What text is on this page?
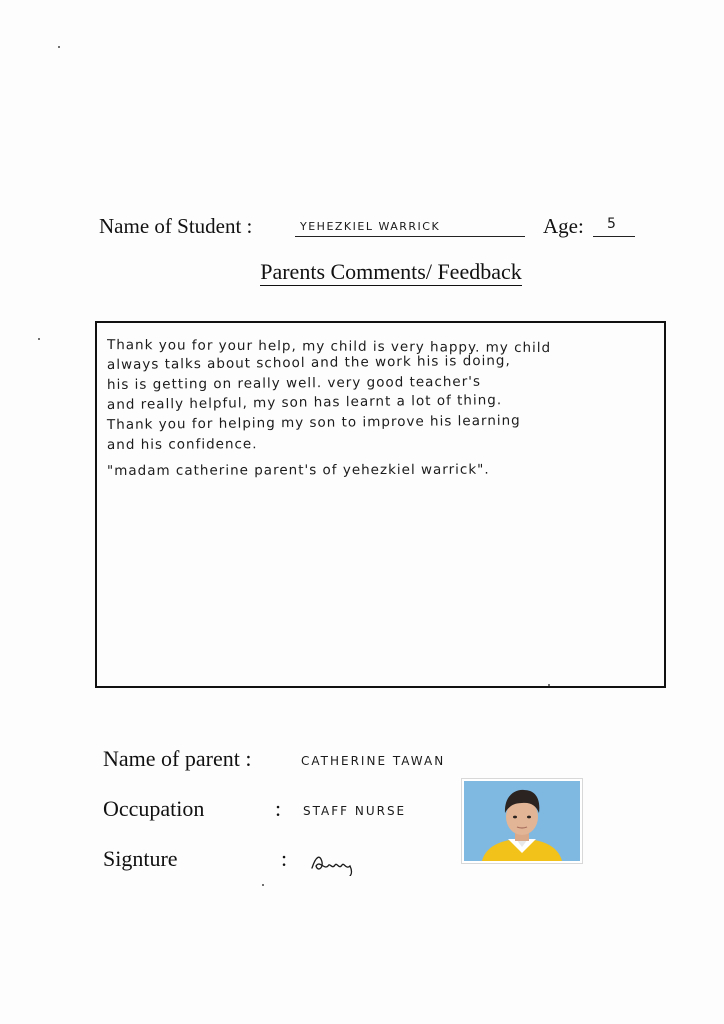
Name of Student :	YEHEZKIEL WARRICK	Age: 5
Parents Comments/ Feedback
Thank you for your help, my child is very happy. my child
always talks about school and the work his is doing,
his is getting on really well. very good teacher's
and really helpful, my son has learnt a lot of thing.
Thank you for helping my son to improve his learning
and his confidence.
"madam catherine parent's of yehezkiel warrick".
Name of parent :	CATHERINE TAWAN
Occupation	: STAFF NURSE
Signture	:
